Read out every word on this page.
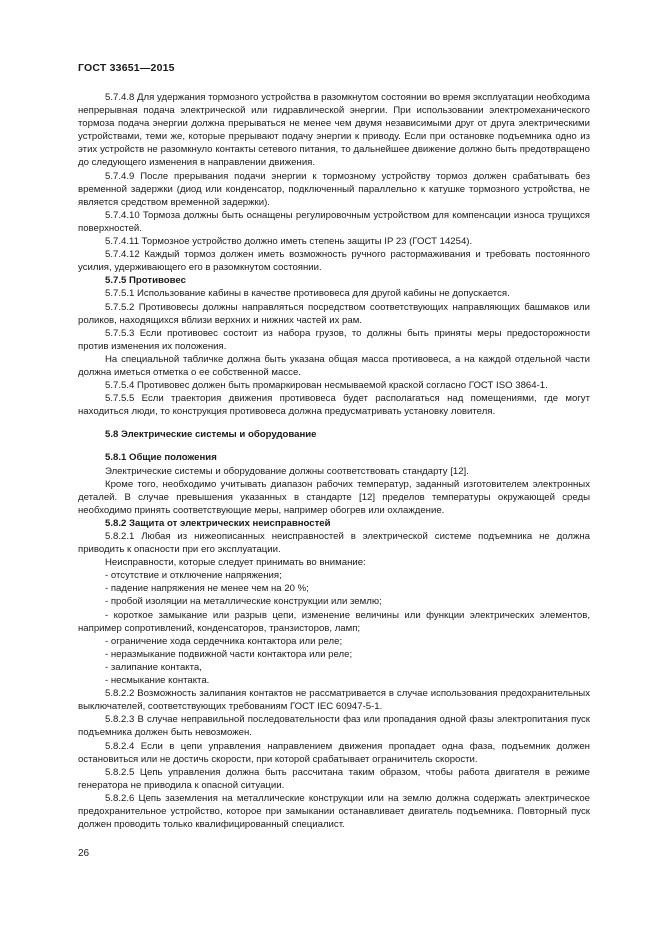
ГОСТ 33651—2015

5.7.4.8 Для удержания тормозного устройства в разомкнутом состоянии во время эксплуатации необходима непрерывная подача электрической или гидравлической энергии. При использовании электромеханического тормоза подача энергии должна прерываться не менее чем двумя независимыми друг от друга электрическими устройствами, теми же, которые прерывают подачу энергии к приводу. Если при остановке подъемника одно из этих устройств не разомкнуло контакты сетевого питания, то дальнейшее движение должно быть предотвращено до следующего изменения в направлении движения.

5.7.4.9 После прерывания подачи энергии к тормозному устройству тормоз должен срабатывать без временной задержки (диод или конденсатор, подключенный параллельно к катушке тормозного устройства, не является средством временной задержки).

5.7.4.10 Тормоза должны быть оснащены регулировочным устройством для компенсации износа трущихся поверхностей.

5.7.4.11 Тормозное устройство должно иметь степень защиты IP 23 (ГОСТ 14254).

5.7.4.12 Каждый тормоз должен иметь возможность ручного растормаживания и требовать постоянного усилия, удерживающего его в разомкнутом состоянии.

5.7.5 Противовес

5.7.5.1 Использование кабины в качестве противовеса для другой кабины не допускается.

5.7.5.2 Противовесы должны направляться посредством соответствующих направляющих башмаков или роликов, находящихся вблизи верхних и нижних частей их рам.

5.7.5.3 Если противовес состоит из набора грузов, то должны быть приняты меры предосторожности против изменения их положения.

На специальной табличке должна быть указана общая масса противовеса, а на каждой отдельной части должна иметься отметка о ее собственной массе.

5.7.5.4 Противовес должен быть промаркирован несмываемой краской согласно ГОСТ ISO 3864-1.

5.7.5.5 Если траектория движения противовеса будет располагаться над помещениями, где могут находиться люди, то конструкция противовеса должна предусматривать установку ловителя.

5.8 Электрические системы и оборудование

5.8.1 Общие положения

Электрические системы и оборудование должны соответствовать стандарту [12].

Кроме того, необходимо учитывать диапазон рабочих температур, заданный изготовителем электронных деталей. В случае превышения указанных в стандарте [12] пределов температуры окружающей среды необходимо принять соответствующие меры, например обогрев или охлаждение.

5.8.2 Защита от электрических неисправностей

5.8.2.1 Любая из нижеописанных неисправностей в электрической системе подъемника не должна приводить к опасности при его эксплуатации.

Неисправности, которые следует принимать во внимание:

- отсутствие и отключение напряжения;

- падение напряжения не менее чем на 20 %;

- пробой изоляции на металлические конструкции или землю;

- короткое замыкание или разрыв цепи, изменение величины или функции электрических элементов, например сопротивлений, конденсаторов, транзисторов, ламп;

- ограничение хода сердечника контактора или реле;

- неразмыкание подвижной части контактора или реле;

- залипание контакта,

- несмыкание контакта.

5.8.2.2 Возможность залипания контактов не рассматривается в случае использования предохранительных выключателей, соответствующих требованиям ГОСТ IEC 60947-5-1.

5.8.2.3 В случае неправильной последовательности фаз или пропадания одной фазы электропитания пуск подъемника должен быть невозможен.

5.8.2.4 Если в цепи управления направлением движения пропадает одна фаза, подъемник должен остановиться или не достичь скорости, при которой срабатывает ограничитель скорости.

5.8.2.5 Цепь управления должна быть рассчитана таким образом, чтобы работа двигателя в режиме генератора не приводила к опасной ситуации.

5.8.2.6 Цепь заземления на металлические конструкции или на землю должна содержать электрическое предохранительное устройство, которое при замыкании останавливает двигатель подъемника. Повторный пуск должен проводить только квалифицированный специалист.

26
